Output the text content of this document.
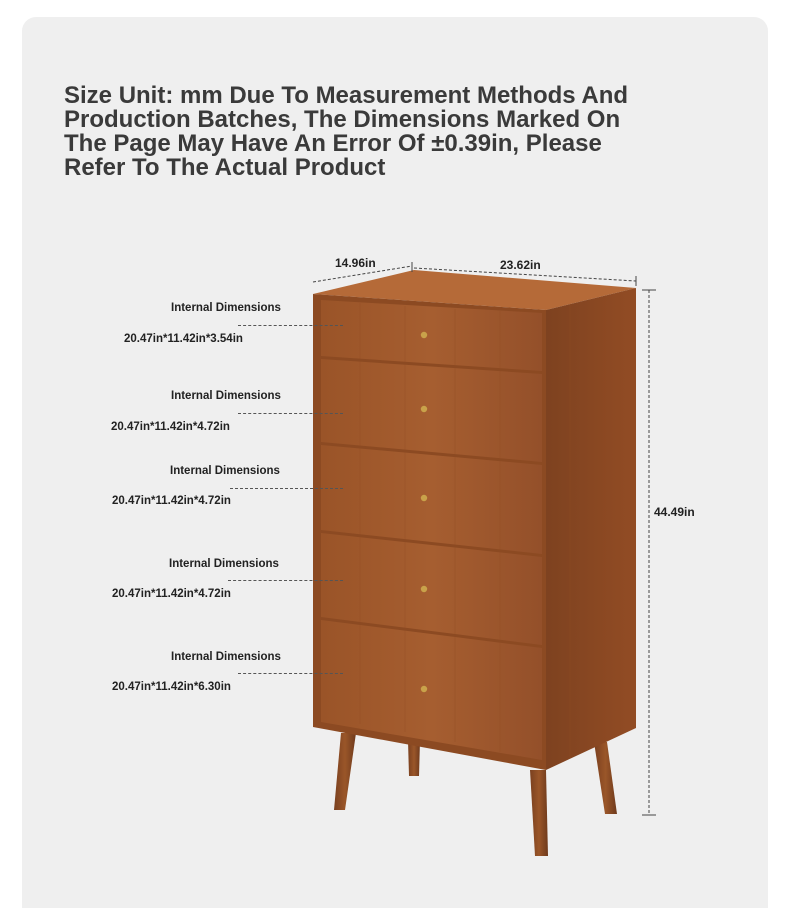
Size Unit: mm Due To Measurement Methods And Production Batches, The Dimensions Marked On The Page May Have An Error Of ±0.39in, Please Refer To The Actual Product

14.96in	23.62in
44.49in
Internal Dimensions
20.47in*11.42in*3.54in
Internal Dimensions
20.47in*11.42in*4.72in
Internal Dimensions
20.47in*11.42in*4.72in
Internal Dimensions
20.47in*11.42in*4.72in
Internal Dimensions
20.47in*11.42in*6.30in
